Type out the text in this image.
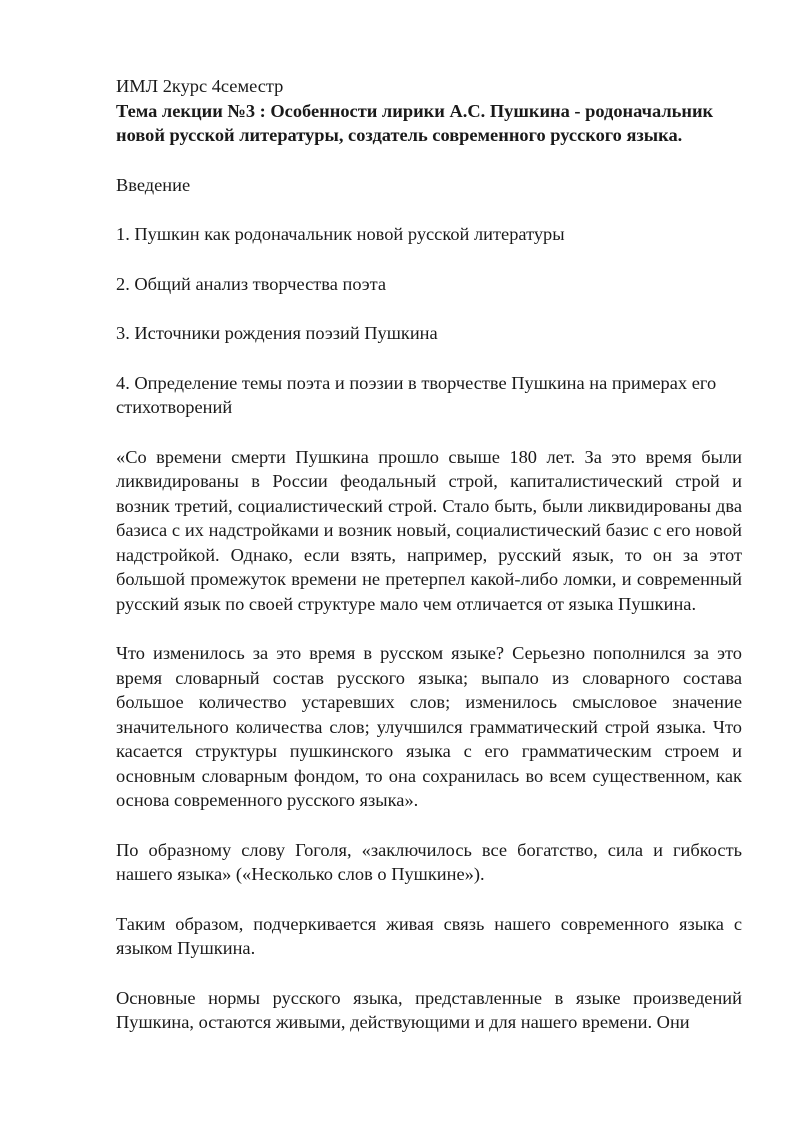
ИМЛ 2курс 4семестр

Тема лекции №3 : Особенности лирики А.С. Пушкина - родоначальник новой русской литературы, создатель современного русского языка.

Введение

1. Пушкин как родоначальник новой русской литературы

2. Общий анализ творчества поэта

3. Источники рождения поэзий Пушкина

4. Определение темы поэта и поэзии в творчестве Пушкина на примерах его стихотворений

«Со времени смерти Пушкина прошло свыше 180 лет. За это время были ликвидированы в России феодальный строй, капиталистический строй и возник третий, социалистический строй. Стало быть, были ликвидированы два базиса с их надстройками и возник новый, социалистический базис с его новой надстройкой. Однако, если взять, например, русский язык, то он за этот большой промежуток времени не претерпел какой-либо ломки, и современный русский язык по своей структуре мало чем отличается от языка Пушкина.

Что изменилось за это время в русском языке? Серьезно пополнился за это время словарный состав русского языка; выпало из словарного состава большое количество устаревших слов; изменилось смысловое значение значительного количества слов; улучшился грамматический строй языка. Что касается структуры пушкинского языка с его грамматическим строем и основным словарным фондом, то она сохранилась во всем существенном, как основа современного русского языка».

По образному слову Гоголя, «заключилось все богатство, сила и гибкость нашего языка» («Несколько слов о Пушкине»).

Таким образом, подчеркивается живая связь нашего современного языка с языком Пушкина.

Основные нормы русского языка, представленные в языке произведений Пушкина, остаются живыми, действующими и для нашего времени. Они
